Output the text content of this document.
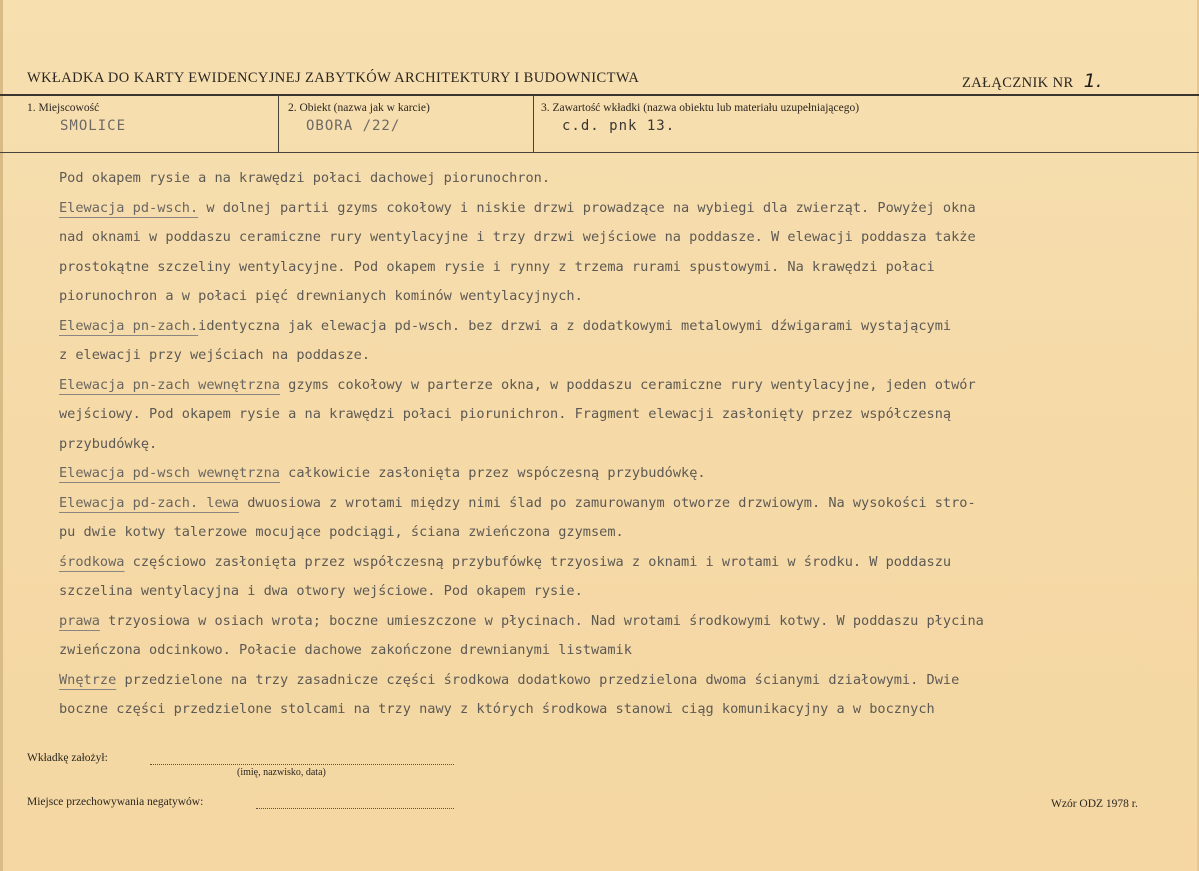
WKŁADKA DO KARTY EWIDENCYJNEJ ZABYTKÓW ARCHITEKTURY I BUDOWNICTWA	ZAŁĄCZNIK NR 1.
1. Miejscowość
SMOLICE
2. Obiekt (nazwa jak w karcie)
OBORA /22/
3. Zawartość wkładki (nazwa obiektu lub materiału uzupełniającego)
c.d. pnk 13.
Pod okapem rysie a na krawędzi połaci dachowej piorunochron.
Elewacja pd-wsch. w dolnej partii gzyms cokołowy i niskie drzwi prowadzące na wybiegi dla zwierząt. Powyżej okna
nad oknami w poddaszu ceramiczne rury wentylacyjne i trzy drzwi wejściowe na poddasze. W elewacji poddasza także
prostokątne szczeliny wentylacyjne. Pod okapem rysie i rynny z trzema rurami spustowymi. Na krawędzi połaci
piorunochron a w połaci pięć drewnianych kominów wentylacyjnych.
Elewacja pn-zach.identyczna jak elewacja pd-wsch. bez drzwi a z dodatkowymi metalowymi dźwigarami wystającymi
z elewacji przy wejściach na poddasze.
Elewacja pn-zach wewnętrzna gzyms cokołowy w parterze okna, w poddaszu ceramiczne rury wentylacyjne, jeden otwór
wejściowy. Pod okapem rysie a na krawędzi połaci piorunichron. Fragment elewacji zasłonięty przez współczesną
przybudówkę.
Elewacja pd-wsch wewnętrzna całkowicie zasłonięta przez wspóczesną przybudówkę.
Elewacja pd-zach. lewa dwuosiowa z wrotami między nimi ślad po zamurowanym otworze drzwiowym. Na wysokości stro-
pu dwie kotwy talerzowe mocujące podciągi, ściana zwieńczona gzymsem.
środkowa częściowo zasłonięta przez współczesną przybufówkę trzyosiwa z oknami i wrotami w środku. W poddaszu
szczelina wentylacyjna i dwa otwory wejściowe. Pod okapem rysie.
prawa trzyosiowa w osiach wrota; boczne umieszczone w płycinach. Nad wrotami środkowymi kotwy. W poddaszu płycina
zwieńczona odcinkowo. Połacie dachowe zakończone drewnianymi listwamik
Wnętrze przedzielone na trzy zasadnicze części środkowa dodatkowo przedzielona dwoma ścianymi działowymi. Dwie
boczne części przedzielone stolcami na trzy nawy z których środkowa stanowi ciąg komunikacyjny a w bocznych
Wkładkę założył:
(imię, nazwisko, data)
Miejsce przechowywania negatywów:	Wzór ODZ 1978 r.
